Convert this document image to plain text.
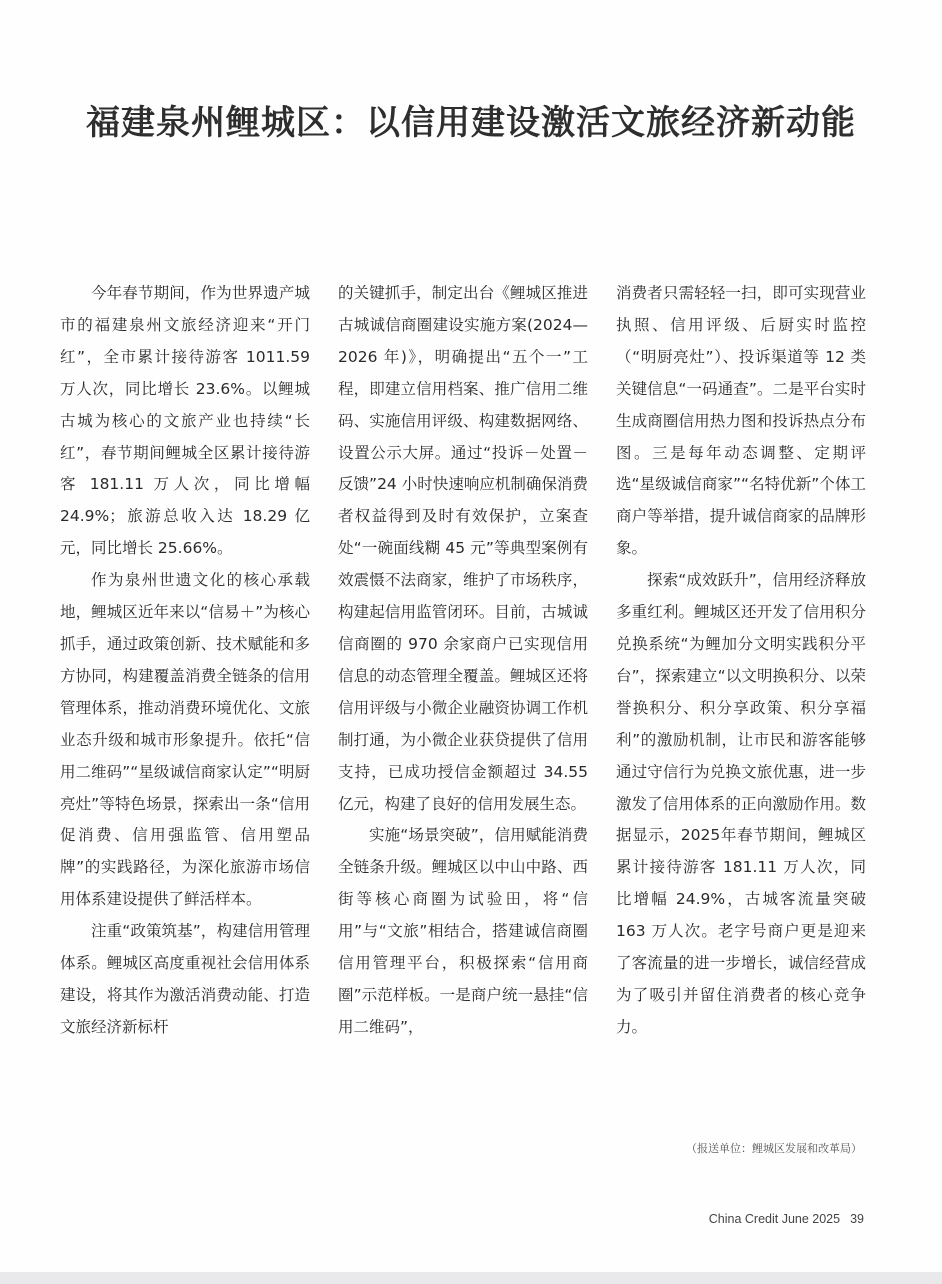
福建泉州鲤城区：以信用建设激活文旅经济新动能

今年春节期间，作为世界遗产城市的福建泉州文旅经济迎来“开门红”，全市累计接待游客 1011.59 万人次，同比增长 23.6%。以鲤城古城为核心的文旅产业也持续“长红”，春节期间鲤城全区累计接待游客 181.11 万人次，同比增幅 24.9%；旅游总收入达 18.29 亿元，同比增长 25.66%。

作为泉州世遗文化的核心承载地，鲤城区近年来以“信易＋”为核心抓手，通过政策创新、技术赋能和多方协同，构建覆盖消费全链条的信用管理体系，推动消费环境优化、文旅业态升级和城市形象提升。依托“信用二维码”“星级诚信商家认定”“明厨亮灶”等特色场景，探索出一条“信用促消费、信用强监管、信用塑品牌”的实践路径，为深化旅游市场信用体系建设提供了鲜活样本。

注重“政策筑基”，构建信用管理体系。鲤城区高度重视社会信用体系建设，将其作为激活消费动能、打造文旅经济新标杆

的关键抓手，制定出台《鲤城区推进古城诚信商圈建设实施方案(2024—2026 年)》，明确提出“五个一”工程，即建立信用档案、推广信用二维码、实施信用评级、构建数据网络、设置公示大屏。通过“投诉－处置－反馈”24 小时快速响应机制确保消费者权益得到及时有效保护，立案查处“一碗面线糊 45 元”等典型案例有效震慑不法商家，维护了市场秩序，构建起信用监管闭环。目前，古城诚信商圈的 970 余家商户已实现信用信息的动态管理全覆盖。鲤城区还将信用评级与小微企业融资协调工作机制打通，为小微企业获贷提供了信用支持，已成功授信金额超过 34.55 亿元，构建了良好的信用发展生态。

实施“场景突破”，信用赋能消费全链条升级。鲤城区以中山中路、西街等核心商圈为试验田，将“信用”与“文旅”相结合，搭建诚信商圈信用管理平台，积极探索“信用商圈”示范样板。一是商户统一悬挂“信用二维码”，

消费者只需轻轻一扫，即可实现营业执照、信用评级、后厨实时监控（“明厨亮灶”）、投诉渠道等 12 类关键信息“一码通查”。二是平台实时生成商圈信用热力图和投诉热点分布图。三是每年动态调整、定期评选“星级诚信商家”“名特优新”个体工商户等举措，提升诚信商家的品牌形象。

探索“成效跃升”，信用经济释放多重红利。鲤城区还开发了信用积分兑换系统“为鲤加分文明实践积分平台”，探索建立“以文明换积分、以荣誉换积分、积分享政策、积分享福利”的激励机制，让市民和游客能够通过守信行为兑换文旅优惠，进一步激发了信用体系的正向激励作用。数据显示，2025年春节期间，鲤城区累计接待游客 181.11 万人次，同比增幅 24.9%，古城客流量突破 163 万人次。老字号商户更是迎来了客流量的进一步增长，诚信经营成为了吸引并留住消费者的核心竞争力。

（报送单位：鲤城区发展和改革局）
China Credit June 2025 39
